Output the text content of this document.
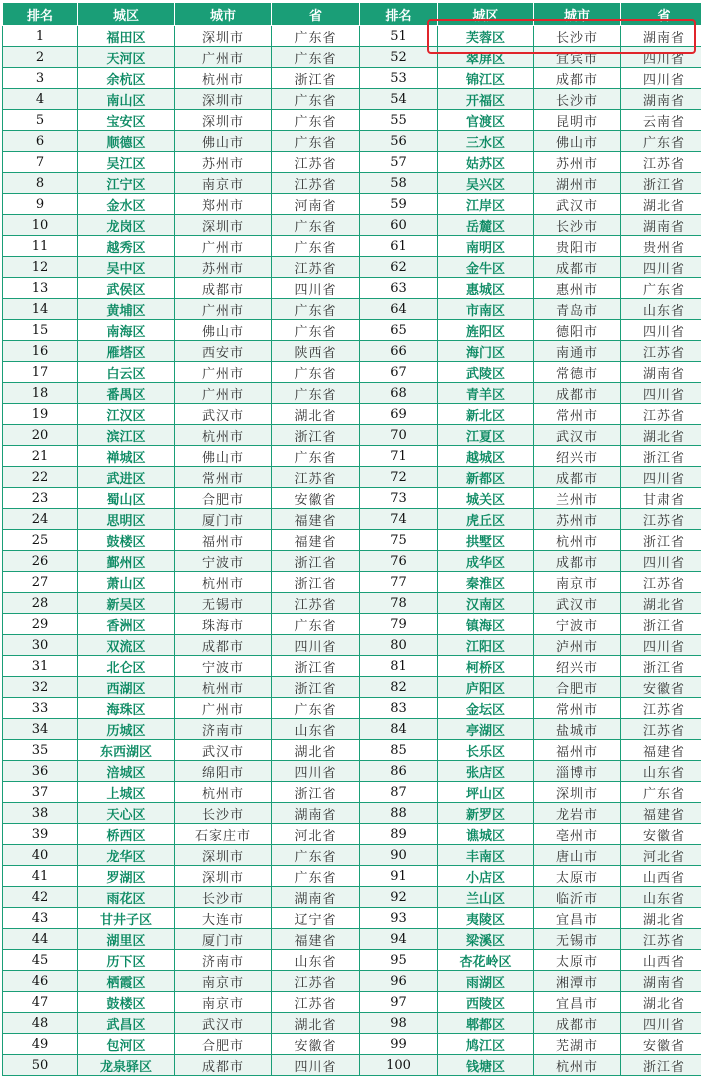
排名	城区	城市	省	排名	城区	城市	省
1	福田区	深圳市	广东省	51	芙蓉区	长沙市	湖南省
2	天河区	广州市	广东省	52	翠屏区	宜宾市	四川省
3	余杭区	杭州市	浙江省	53	锦江区	成都市	四川省
4	南山区	深圳市	广东省	54	开福区	长沙市	湖南省
5	宝安区	深圳市	广东省	55	官渡区	昆明市	云南省
6	顺德区	佛山市	广东省	56	三水区	佛山市	广东省
7	吴江区	苏州市	江苏省	57	姑苏区	苏州市	江苏省
8	江宁区	南京市	江苏省	58	吴兴区	湖州市	浙江省
9	金水区	郑州市	河南省	59	江岸区	武汉市	湖北省
10	龙岗区	深圳市	广东省	60	岳麓区	长沙市	湖南省
11	越秀区	广州市	广东省	61	南明区	贵阳市	贵州省
12	吴中区	苏州市	江苏省	62	金牛区	成都市	四川省
13	武侯区	成都市	四川省	63	惠城区	惠州市	广东省
14	黄埔区	广州市	广东省	64	市南区	青岛市	山东省
15	南海区	佛山市	广东省	65	旌阳区	德阳市	四川省
16	雁塔区	西安市	陕西省	66	海门区	南通市	江苏省
17	白云区	广州市	广东省	67	武陵区	常德市	湖南省
18	番禺区	广州市	广东省	68	青羊区	成都市	四川省
19	江汉区	武汉市	湖北省	69	新北区	常州市	江苏省
20	滨江区	杭州市	浙江省	70	江夏区	武汉市	湖北省
21	禅城区	佛山市	广东省	71	越城区	绍兴市	浙江省
22	武进区	常州市	江苏省	72	新都区	成都市	四川省
23	蜀山区	合肥市	安徽省	73	城关区	兰州市	甘肃省
24	思明区	厦门市	福建省	74	虎丘区	苏州市	江苏省
25	鼓楼区	福州市	福建省	75	拱墅区	杭州市	浙江省
26	鄞州区	宁波市	浙江省	76	成华区	成都市	四川省
27	萧山区	杭州市	浙江省	77	秦淮区	南京市	江苏省
28	新吴区	无锡市	江苏省	78	汉南区	武汉市	湖北省
29	香洲区	珠海市	广东省	79	镇海区	宁波市	浙江省
30	双流区	成都市	四川省	80	江阳区	泸州市	四川省
31	北仑区	宁波市	浙江省	81	柯桥区	绍兴市	浙江省
32	西湖区	杭州市	浙江省	82	庐阳区	合肥市	安徽省
33	海珠区	广州市	广东省	83	金坛区	常州市	江苏省
34	历城区	济南市	山东省	84	亭湖区	盐城市	江苏省
35	东西湖区	武汉市	湖北省	85	长乐区	福州市	福建省
36	涪城区	绵阳市	四川省	86	张店区	淄博市	山东省
37	上城区	杭州市	浙江省	87	坪山区	深圳市	广东省
38	天心区	长沙市	湖南省	88	新罗区	龙岩市	福建省
39	桥西区	石家庄市	河北省	89	谯城区	亳州市	安徽省
40	龙华区	深圳市	广东省	90	丰南区	唐山市	河北省
41	罗湖区	深圳市	广东省	91	小店区	太原市	山西省
42	雨花区	长沙市	湖南省	92	兰山区	临沂市	山东省
43	甘井子区	大连市	辽宁省	93	夷陵区	宜昌市	湖北省
44	湖里区	厦门市	福建省	94	梁溪区	无锡市	江苏省
45	历下区	济南市	山东省	95	杏花岭区	太原市	山西省
46	栖霞区	南京市	江苏省	96	雨湖区	湘潭市	湖南省
47	鼓楼区	南京市	江苏省	97	西陵区	宜昌市	湖北省
48	武昌区	武汉市	湖北省	98	郫都区	成都市	四川省
49	包河区	合肥市	安徽省	99	鸠江区	芜湖市	安徽省
50	龙泉驿区	成都市	四川省	100	钱塘区	杭州市	浙江省
